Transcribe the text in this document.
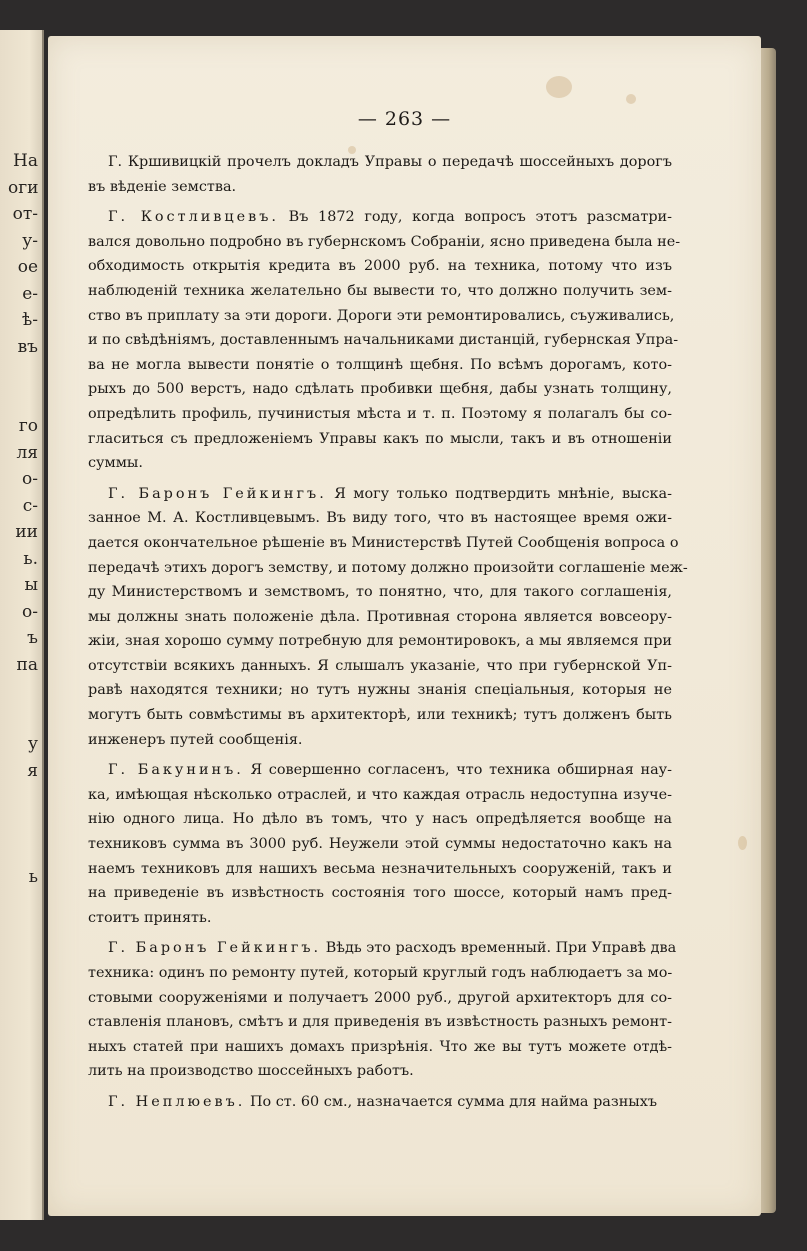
На
оги
от-
у-
ое
е-
ѣ-
въ
го
ля
о-
с-
ии
ь.
ы
о-
ъ
па
у
я
ь
— 263 —
Г. Кршивицкій прочелъ докладъ Управы о передачѣ шоссейныхъ дорогъ
въ вѣденіе земства.
Г. Костливцевъ. Въ 1872 году, когда вопросъ этотъ разсматри-
вался довольно подробно въ губернскомъ Собраніи, ясно приведена была не-
обходимость открытія кредита въ 2000 руб. на техника, потому что изъ
наблюденій техника желательно бы вывести то, что должно получить зем-
ство въ приплату за эти дороги. Дороги эти ремонтировались, съуживались,
и по свѣдѣніямъ, доставленнымъ начальниками дистанцій, губернская Упра-
ва не могла вывести понятіе о толщинѣ щебня. По всѣмъ дорогамъ, кото-
рыхъ до 500 верстъ, надо сдѣлать пробивки щебня, дабы узнать толщину,
опредѣлить профиль, пучинистыя мѣста и т. п. Поэтому я полагалъ бы со-
гласиться съ предложеніемъ Управы какъ по мысли, такъ и въ отношеніи
суммы.
Г. Баронъ Гейкингъ. Я могу только подтвердить мнѣніе, выска-
занное М. А. Костливцевымъ. Въ виду того, что въ настоящее время ожи-
дается окончательное рѣшеніе въ Министерствѣ Путей Сообщенія вопроса о
передачѣ этихъ дорогъ земству, и потому должно произойти соглашеніе меж-
ду Министерствомъ и земствомъ, то понятно, что, для такого соглашенія,
мы должны знать положеніе дѣла. Противная сторона является вовсеору-
жіи, зная хорошо сумму потребную для ремонтировокъ, а мы являемся при
отсутствіи всякихъ данныхъ. Я слышалъ указаніе, что при губернской Уп-
равѣ находятся техники; но тутъ нужны знанія спеціальныя, которыя не
могутъ быть совмѣстимы въ архитекторѣ, или техникѣ; тутъ долженъ быть
инженеръ путей сообщенія.
Г. Бакунинъ. Я совершенно согласенъ, что техника обширная нау-
ка, имѣющая нѣсколько отраслей, и что каждая отрасль недоступна изуче-
нію одного лица. Но дѣло въ томъ, что у насъ опредѣляется вообще на
техниковъ сумма въ 3000 руб. Неужели этой суммы недостаточно какъ на
наемъ техниковъ для нашихъ весьма незначительныхъ сооруженій, такъ и
на приведеніе въ извѣстность состоянія того шоссе, который намъ пред-
стоитъ принять.
Г. Баронъ Гейкингъ. Вѣдь это расходъ временный. При Управѣ два
техника: одинъ по ремонту путей, который круглый годъ наблюдаетъ за мо-
стовыми сооруженіями и получаетъ 2000 руб., другой архитекторъ для со-
ставленія плановъ, смѣтъ и для приведенія въ извѣстность разныхъ ремонт-
ныхъ статей при нашихъ домахъ призрѣнія. Что же вы тутъ можете отдѣ-
лить на производство шоссейныхъ работъ.
Г. Неплюевъ. По ст. 60 см., назначается сумма для найма разныхъ
